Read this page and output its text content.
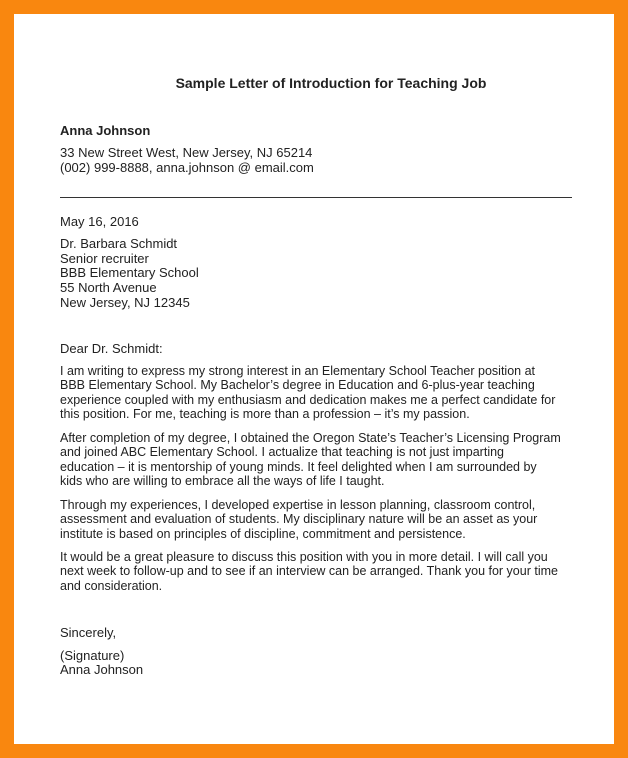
Sample Letter of Introduction for Teaching Job
Anna Johnson
33 New Street West, New Jersey, NJ 65214
(002) 999-8888, anna.johnson @ email.com
May 16, 2016
Dr. Barbara Schmidt
Senior recruiter
BBB Elementary School
55 North Avenue
New Jersey, NJ 12345
Dear Dr. Schmidt:
I am writing to express my strong interest in an Elementary School Teacher position at
BBB Elementary School. My Bachelor’s degree in Education and 6-plus-year teaching
experience coupled with my enthusiasm and dedication makes me a perfect candidate for
this position. For me, teaching is more than a profession – it’s my passion.
After completion of my degree, I obtained the Oregon State’s Teacher’s Licensing Program
and joined ABC Elementary School. I actualize that teaching is not just imparting
education – it is mentorship of young minds. It feel delighted when I am surrounded by
kids who are willing to embrace all the ways of life I taught.
Through my experiences, I developed expertise in lesson planning, classroom control,
assessment and evaluation of students. My disciplinary nature will be an asset as your
institute is based on principles of discipline, commitment and persistence.
It would be a great pleasure to discuss this position with you in more detail. I will call you
next week to follow-up and to see if an interview can be arranged. Thank you for your time
and consideration.
Sincerely,
(Signature)
Anna Johnson
